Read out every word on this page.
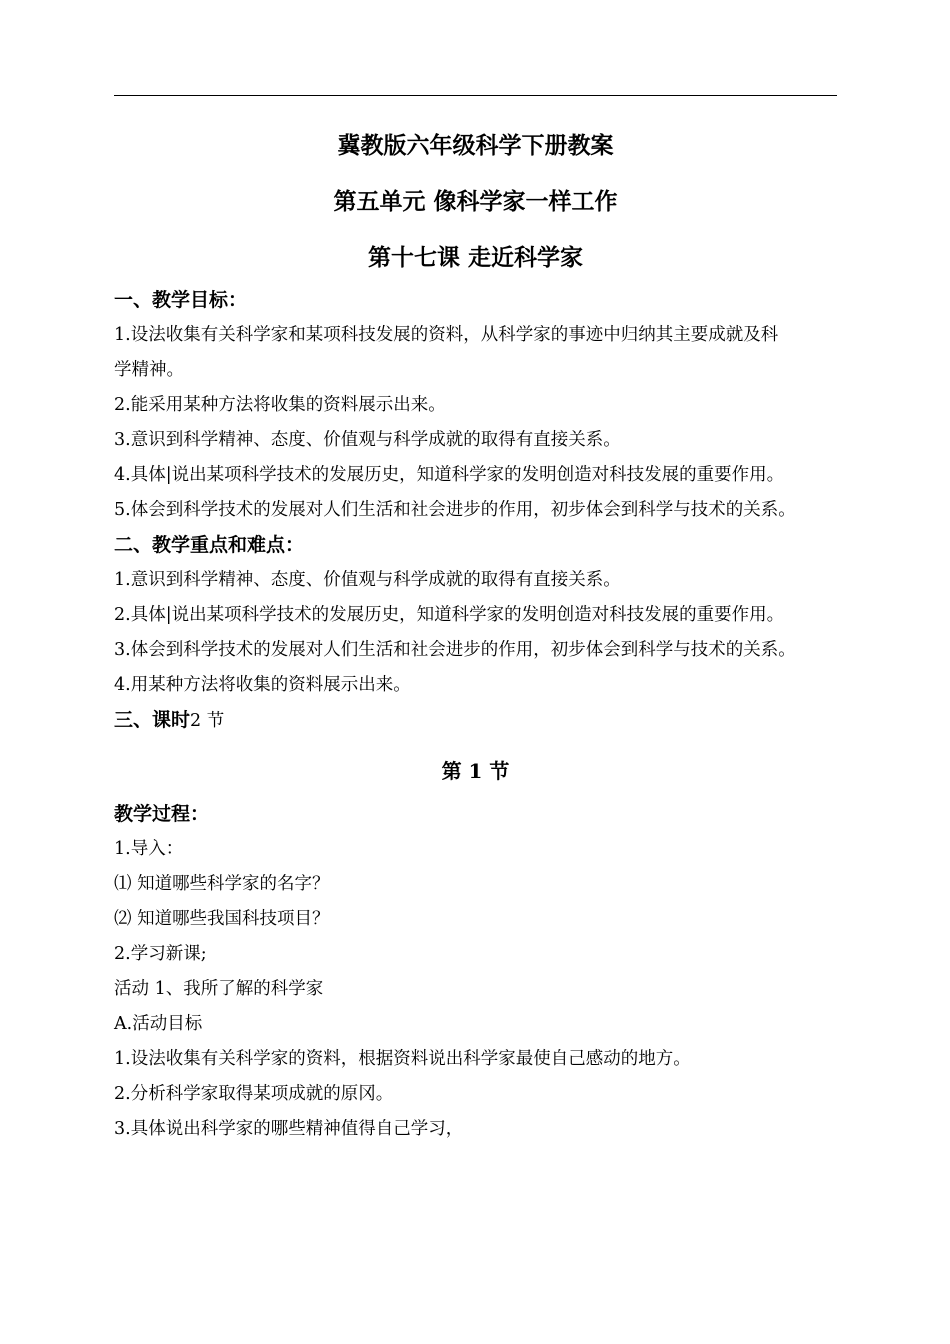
冀教版六年级科学下册教案
第五单元 像科学家一样工作
第十七课 走近科学家
一、教学目标：
1.设法收集有关科学家和某项科技发展的资料，从科学家的事迹中归纳其主要成就及科
学精神。
2.能采用某种方法将收集的资料展示出来。
3.意识到科学精神、态度、价值观与科学成就的取得有直接关系。
4.具体|说出某项科学技术的发展历史，知道科学家的发明创造对科技发展的重要作用。
5.体会到科学技术的发展对人们生活和社会进步的作用，初步体会到科学与技术的关系。
二、教学重点和难点：
1.意识到科学精神、态度、价值观与科学成就的取得有直接关系。
2.具体|说出某项科学技术的发展历史，知道科学家的发明创造对科技发展的重要作用。
3.体会到科学技术的发展对人们生活和社会进步的作用，初步体会到科学与技术的关系。
4.用某种方法将收集的资料展示出来。
三、课时2 节
第 1 节
教学过程：
1.导入：
⑴ 知道哪些科学家的名字？
⑵ 知道哪些我国科技项目？
2.学习新课;
活动 1、我所了解的科学家
A.活动目标
1.设法收集有关科学家的资料，根据资料说出科学家最使自己感动的地方。
2.分析科学家取得某项成就的原冈。
3.具体说出科学家的哪些精神值得自己学习，
